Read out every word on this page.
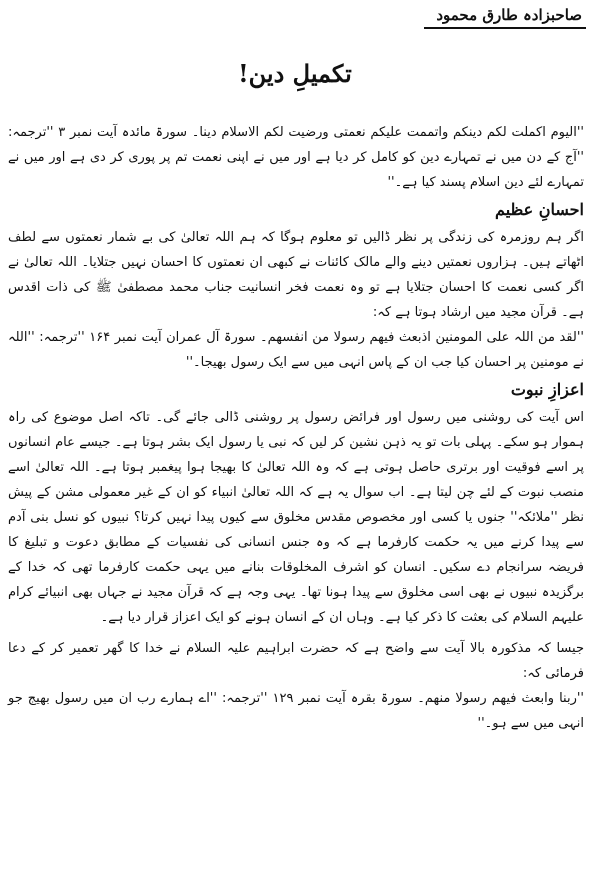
صاحبزادہ طارق محمود
تکمیلِ دین!

''الیوم اکملت لکم دینکم واتممت علیکم نعمتی ورضیت لکم الاسلام دینا۔ سورۃ مائدہ آیت نمبر ۳ ''ترجمہ: ''آج کے دن میں نے تمہارے دین کو کامل کر دیا ہے اور میں نے اپنی نعمت تم پر پوری کر دی ہے اور میں نے تمہارے لئے دین اسلام پسند کیا ہے۔''

احسانِ عظیم

اگر ہم روزمرہ کی زندگی پر نظر ڈالیں تو معلوم ہوگا کہ ہم اللہ تعالیٰ کی بے شمار نعمتوں سے لطف اٹھاتے ہیں۔ ہزاروں نعمتیں دینے والے مالک کائنات نے کبھی ان نعمتوں کا احسان نہیں جتلایا۔ اللہ تعالیٰ نے اگر کسی نعمت کا احسان جتلایا ہے تو وہ نعمت فخر انسانیت جناب محمد مصطفیٰ ﷺ کی ذات اقدس ہے۔ قرآن مجید میں ارشاد ہوتا ہے کہ:

''لقد من اللہ علی المومنین اذبعث فیھم رسولا من انفسھم۔ سورۃ آل عمران آیت نمبر ۱۶۴ ''ترجمہ: ''اللہ نے مومنین پر احسان کیا جب ان کے پاس انہی میں سے ایک رسول بھیجا۔''

اعزازِ نبوت

اس آیت کی روشنی میں رسول اور فرائض رسول پر روشنی ڈالی جائے گی۔ تاکہ اصل موضوع کی راہ ہموار ہو سکے۔ پہلی بات تو یہ ذہن نشین کر لیں کہ نبی یا رسول ایک بشر ہوتا ہے۔ جیسے عام انسانوں پر اسے فوقیت اور برتری حاصل ہوتی ہے کہ وہ اللہ تعالیٰ کا بھیجا ہوا پیغمبر ہوتا ہے۔ اللہ تعالیٰ اسے منصب نبوت کے لئے چن لیتا ہے۔ اب سوال یہ ہے کہ اللہ تعالیٰ انبیاء کو ان کے غیر معمولی مشن کے پیش نظر ''ملائکہ'' جنوں یا کسی اور مخصوص مقدس مخلوق سے کیوں پیدا نہیں کرتا؟ نبیوں کو نسل بنی آدم سے پیدا کرنے میں یہ حکمت کارفرما ہے کہ وہ جنس انسانی کی نفسیات کے مطابق دعوت و تبلیغ کا فریضہ سرانجام دے سکیں۔ انسان کو اشرف المخلوقات بنانے میں یہی حکمت کارفرما تھی کہ خدا کے برگزیدہ نبیوں نے بھی اسی مخلوق سے پیدا ہونا تھا۔ یہی وجہ ہے کہ قرآن مجید نے جہاں بھی انبیائے کرام علیہم السلام کی بعثت کا ذکر کیا ہے۔ وہاں ان کے انسان ہونے کو ایک اعزاز قرار دیا ہے۔

جیسا کہ مذکورہ بالا آیت سے واضح ہے کہ حضرت ابراہیم علیہ السلام نے خدا کا گھر تعمیر کر کے دعا فرمائی کہ:

''ربنا وابعث فیھم رسولا منھم۔ سورۃ بقرہ آیت نمبر ۱۲۹ ''ترجمہ: ''اے ہمارے رب ان میں رسول بھیج جو انہی میں سے ہو۔''
